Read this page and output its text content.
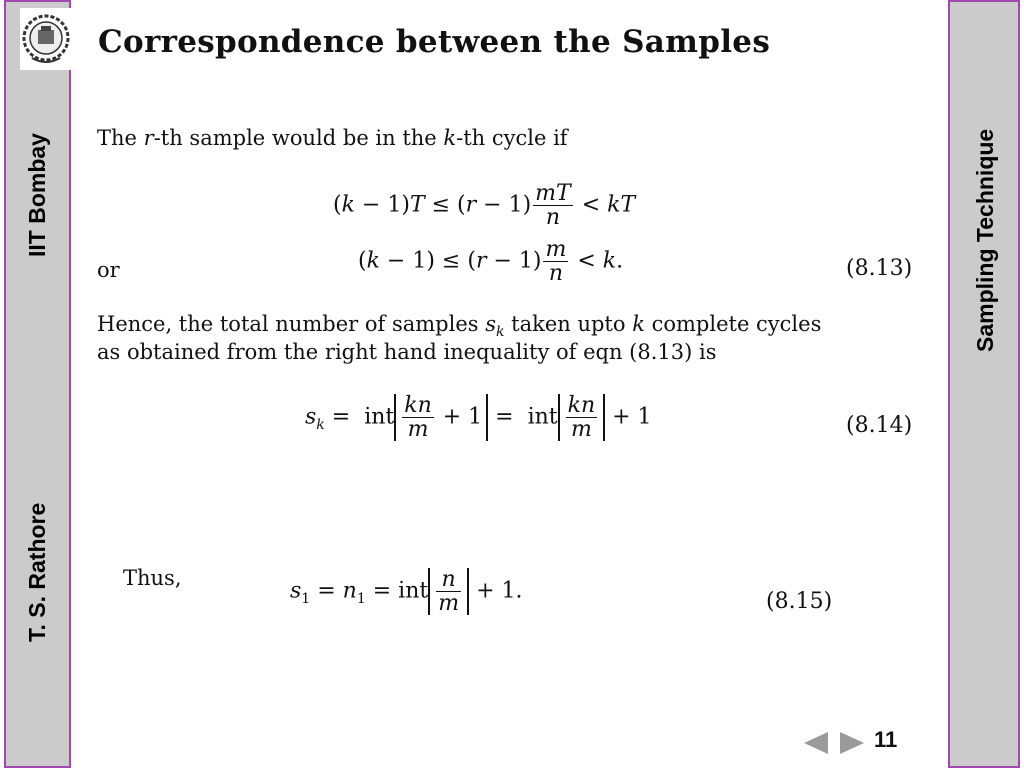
IIT Bombay
T. S. Rathore
Sampling Technique
Correspondence between the Samples
The r-th sample would be in the k-th cycle if
$(k - 1)T \le (r - 1) \frac{mT}{n}$ < kT
or	$(k - 1) \le (r - 1) \frac{m}{n} < k$.	(8.13)
Hence, the total number of samples $s_k$ taken upto k complete cycles
as obtained from the right hand inequality of eqn (8.13) is
$s_k$ =  int $\frac{kn}{m} + 1$ =  int $\frac{kn}{m} + 1$	(8.14)
Thus,
$s_1 = n_1$ = int $\frac{n}{m} + 1$.	(8.15)
11
